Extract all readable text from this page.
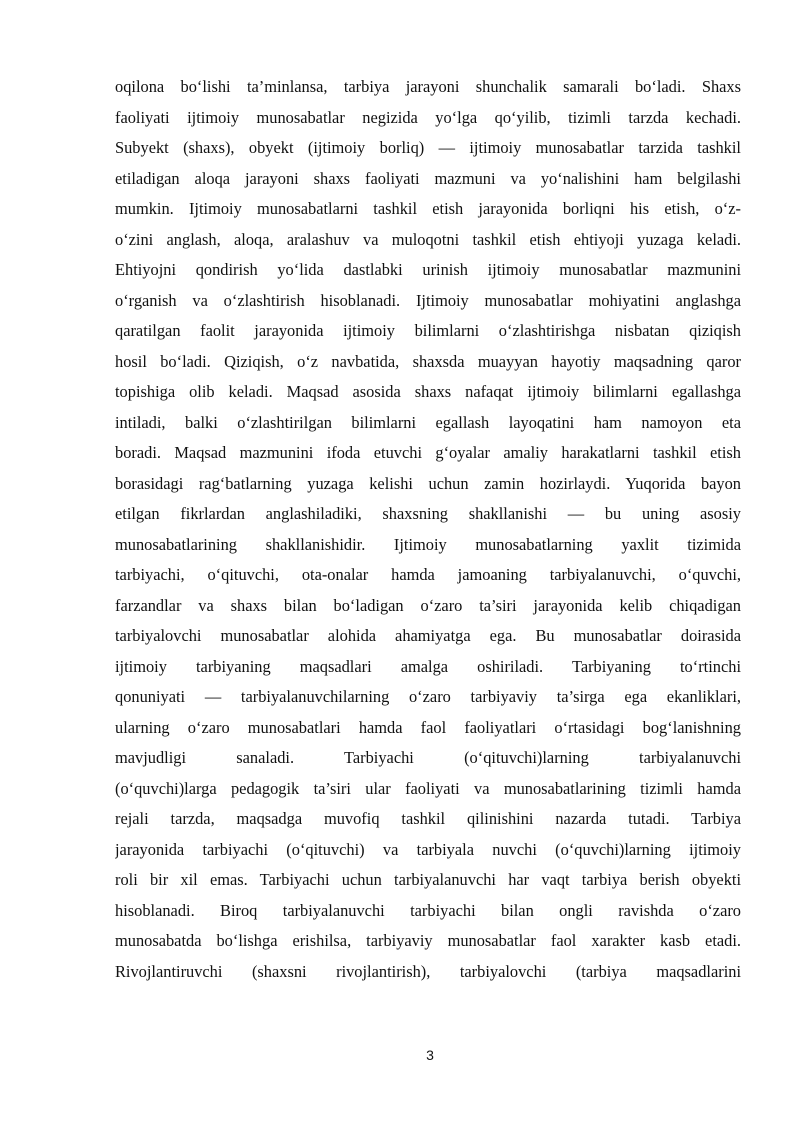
oqilona bo‘lishi ta’minlansa, tarbiya jarayoni shunchalik samarali bo‘ladi. Shaxs
faoliyati ijtimoiy munosabatlar negizida yo‘lga qo‘yilib, tizimli tarzda kechadi.
Subyekt (shaxs), obyekt (ijtimoiy borliq) — ijtimoiy munosabatlar tarzida tashkil
etiladigan aloqa jarayoni shaxs faoliyati mazmuni va yo‘nalishini ham belgilashi
mumkin. Ijtimoiy munosabatlarni tashkil etish jarayonida borliqni his etish, o‘z-
o‘zini anglash, aloqa, aralashuv va muloqotni tashkil etish ehtiyoji yuzaga keladi.
Ehtiyojni qondirish yo‘lida dastlabki urinish ijtimoiy munosabatlar mazmunini
o‘rganish va o‘zlashtirish hisoblanadi. Ijtimoiy munosabatlar mohiyatini anglashga
qaratilgan faolit jarayonida ijtimoiy bilimlarni o‘zlashtirishga nisbatan qiziqish
hosil bo‘ladi. Qiziqish, o‘z navbatida, shaxsda muayyan hayotiy maqsadning qaror
topishiga olib keladi. Maqsad asosida shaxs nafaqat ijtimoiy bilimlarni egallashga
intiladi, balki o‘zlashtirilgan bilimlarni egallash layoqatini ham namoyon eta
boradi. Maqsad mazmunini ifoda etuvchi g‘oyalar amaliy harakatlarni tashkil etish
borasidagi rag‘batlarning yuzaga kelishi uchun zamin hozirlaydi. Yuqorida bayon
etilgan fikrlardan anglashiladiki, shaxsning shakllanishi — bu uning asosiy
munosabatlarining shakllanishidir. Ijtimoiy munosabatlarning yaxlit tizimida
tarbiyachi, o‘qituvchi, ota-onalar hamda jamoaning tarbiyalanuvchi, o‘quvchi,
farzandlar va shaxs bilan bo‘ladigan o‘zaro ta’siri jarayonida kelib chiqadigan
tarbiyalovchi munosabatlar alohida ahamiyatga ega. Bu munosabatlar doirasida
ijtimoiy tarbiyaning maqsadlari amalga oshiriladi. Tarbiyaning to‘rtinchi
qonuniyati — tarbiyalanuvchilarning o‘zaro tarbiyaviy ta’sirga ega ekanliklari,
ularning o‘zaro munosabatlari hamda faol faoliyatlari o‘rtasidagi bog‘lanishning
mavjudligi sanaladi. Tarbiyachi (o‘qituvchi)larning tarbiyalanuvchi
(o‘quvchi)larga pedagogik ta’siri ular faoliyati va munosabatlarining tizimli hamda
rejali tarzda, maqsadga muvofiq tashkil qilinishini nazarda tutadi. Tarbiya
jarayonida tarbiyachi (o‘qituvchi) va tarbiyala nuvchi (o‘quvchi)larning ijtimoiy
roli bir xil emas. Tarbiyachi uchun tarbiyalanuvchi har vaqt tarbiya berish obyekti
hisoblanadi. Biroq tarbiyalanuvchi tarbiyachi bilan ongli ravishda o‘zaro
munosabatda bo‘lishga erishilsa, tarbiyaviy munosabatlar faol xarakter kasb etadi.
Rivojlantiruvchi (shaxsni rivojlantirish), tarbiyalovchi (tarbiya maqsadlarini
3
